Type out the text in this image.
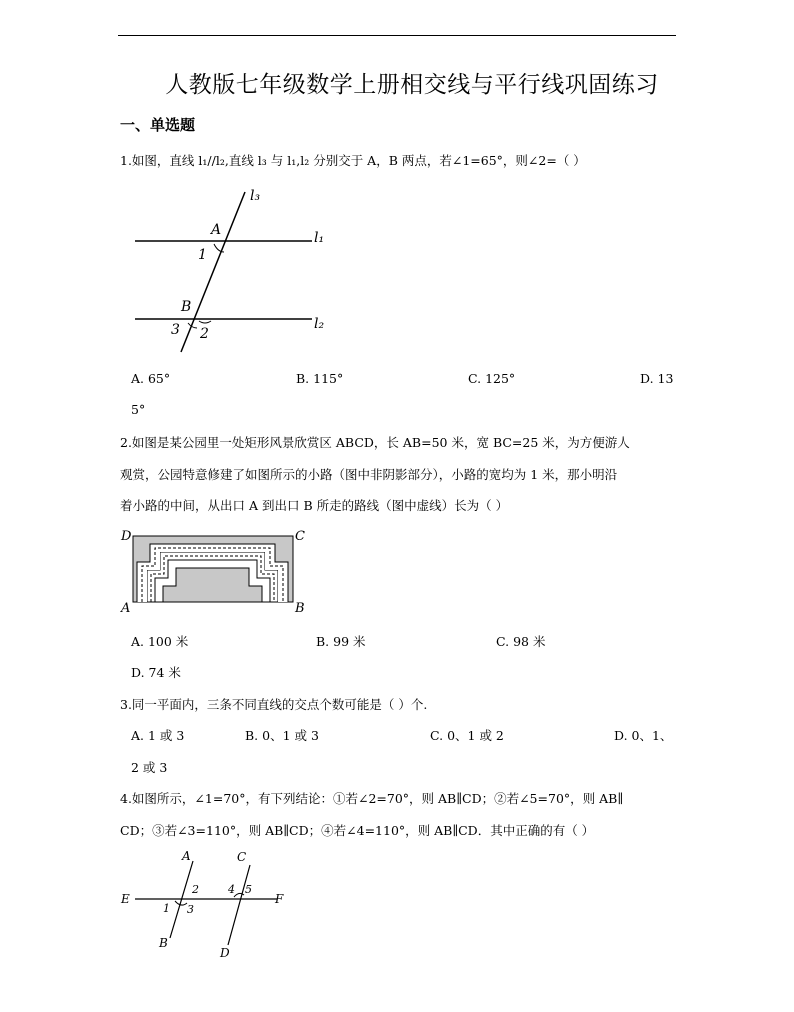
人教版七年级数学上册相交线与平行线巩固练习
一、单选题
1.如图，直线 l₁//l₂,直线 l₃ 与 l₁,l₂ 分别交于 A，B 两点，若∠1=65°，则∠2=（ ）
l₃
l₁
l₂
A
B
1
3 2
A. 65°	B. 115°	C. 125°	D. 13
5°
2.如图是某公园里一处矩形风景欣赏区 ABCD，长 AB=50 米，宽 BC=25 米，为方便游人
观赏，公园特意修建了如图所示的小路（图中非阴影部分），小路的宽均为 1 米，那小明沿
着小路的中间，从出口 A 到出口 B 所走的路线（图中虚线）长为（ ）
D	C
A	B
A. 100 米	B. 99 米	C. 98 米
D. 74 米
3.同一平面内，三条不同直线的交点个数可能是（ ）个.
A. 1 或 3	B. 0、1 或 3	C. 0、1 或 2	D. 0、1、
2 或 3
4.如图所示，∠1=70°，有下列结论：①若∠2=70°，则 AB∥CD；②若∠5=70°，则 AB∥
CD；③若∠3=110°，则 AB∥CD；④若∠4=110°，则 AB∥CD．其中正确的有（ ）
A
B
C
D
E	F
1
2
3
4 5
